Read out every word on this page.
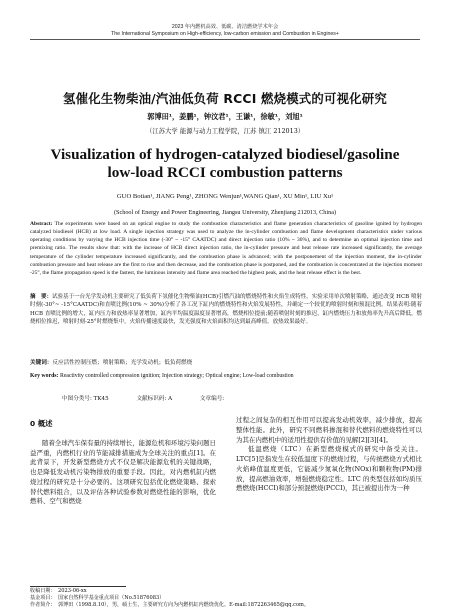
2023 年内燃机高效、低碳、清洁燃烧学术年会
The International Symposium on High-efficiency, low-carbon emission and Combustion in Engines+
氢催化生物柴油/汽油低负荷 RCCI 燃烧模式的可视化研究
郭博田¹，姜鹏¹，钟汶君¹，王谦¹，徐敏¹，刘旭¹
（江苏大学 能源与动力工程学院，江苏 镇江 212013）
Visualization of hydrogen-catalyzed biodiesel/gasoline
low-load RCCI combustion patterns
GUO Botian¹, JIANG Peng¹, ZHONG Wenjun¹,WANG Qian¹, XU Min¹, LIU Xu¹
(School of Energy and Power Engineering, Jiangsu University, Zhenjiang 212013, China)
Abstract: The experiments were based on an optical engine to study the combustion characteristics and flame generation characteristics of gasoline ignited by hydrogen catalyzed biodiesel (HCB) at low load. A single injection strategy was used to analyze the in-cylinder combustion and flame development characteristics under various operating conditions by varying the HCB injection time (-30° ~ -15° CAATDC) and direct injection ratio (10% ~ 30%), and to determine an optimal injection time and premixing ratio. The results show that: with the increase of HCB direct injection ratio, the in-cylinder pressure and heat release rate increased significantly, the average temperature of the cylinder temperature increased significantly, and the combustion phase is advanced; with the postponement of the injection moment, the in-cylinder combustion pressure and heat release are the first to rise and then decrease, and the combustion phase is postponed, and the combustion is concentrated at the injection moment -25°, the flame propagation speed is the fastest, the luminous intensity and flame area reached the highest peak, and the heat release effect is the best.
摘　要：试验基于一台光学发动机主要研究了低负荷下氢催化生物柴油(HCB)引燃汽油的燃烧特性和火焰生成特性。实验采用单次喷射策略，通过改变 HCB 喷射时刻(-30°~ -15°CAATDC)和直喷比例(10% ~ 30%)分析了各工况下缸内的燃烧特性和火焰发展特性，并确定一个较优的喷射时刻和预混比例。结果表明:随着 HCB 直喷比例的增大，缸内压力和放热率显著增加，缸内平均温度温度显著增高，燃烧相位提前;随着喷射时刻的推迟，缸内燃烧压力和放热率先升高后降低，燃烧相位推迟，喷射时刻-25°时燃烧集中，火焰传播速度最快，发光强度和火焰面积均达到最高峰值，放热效果最好。
关键词：反应活性控制压燃；喷射策略；光学发动机；低负荷燃烧
Key words: Reactivity controlled compression ignition; Injection strategy; Optical engine; Low-load combustion
中图分类号: TK45	文献标识码: A	文章编号:
0 概述
随着全球汽车保有量的持续增长，能源危机和环境污染问题日益严重，内燃机行业的节能减排措施成为全球关注的重点[1]。在此背景下，开发新型燃烧方式不仅是解决能源危机的关键战略，也是降低发动机污染物排放的重要手段。因此，对内燃机缸内燃烧过程的研究是十分必要的。这项研究包括优化燃烧策略、探索替代燃料组合，以及评估各种试验参数对燃烧性能的影响，优化燃料、空气和燃烧
过程之间复杂的相互作用可以提高发动机效率，减少排放，提高整体性能。此外，研究不同燃料掺混和替代燃料的燃烧特性可以为其在内燃机中的适用性提供有价值的见解[2][3][4]。
低温燃烧（LTC）在新型燃烧模式的研究中备受关注。LTC[5]是指发生在较低温度下的燃烧过程，与传统燃烧方式相比火焰峰值温度更低，它能减少氮氧化物(NOx)和颗粒物(PM)排放，提高燃油效率，增强燃烧稳定性。LTC 的类型包括如均质压燃燃烧(HCCI)和部分预混燃烧(PCCI)，其已被提出作为一种
收稿日期：　2023-06-xx
基金项目：　国家自然科学基金重点项目（No.51876083）
作者简介：　郭博田（1998.8.10），男，硕士生，主要研究方向为内燃机缸内燃烧优化。E-mail:1872263465@qq.com。
